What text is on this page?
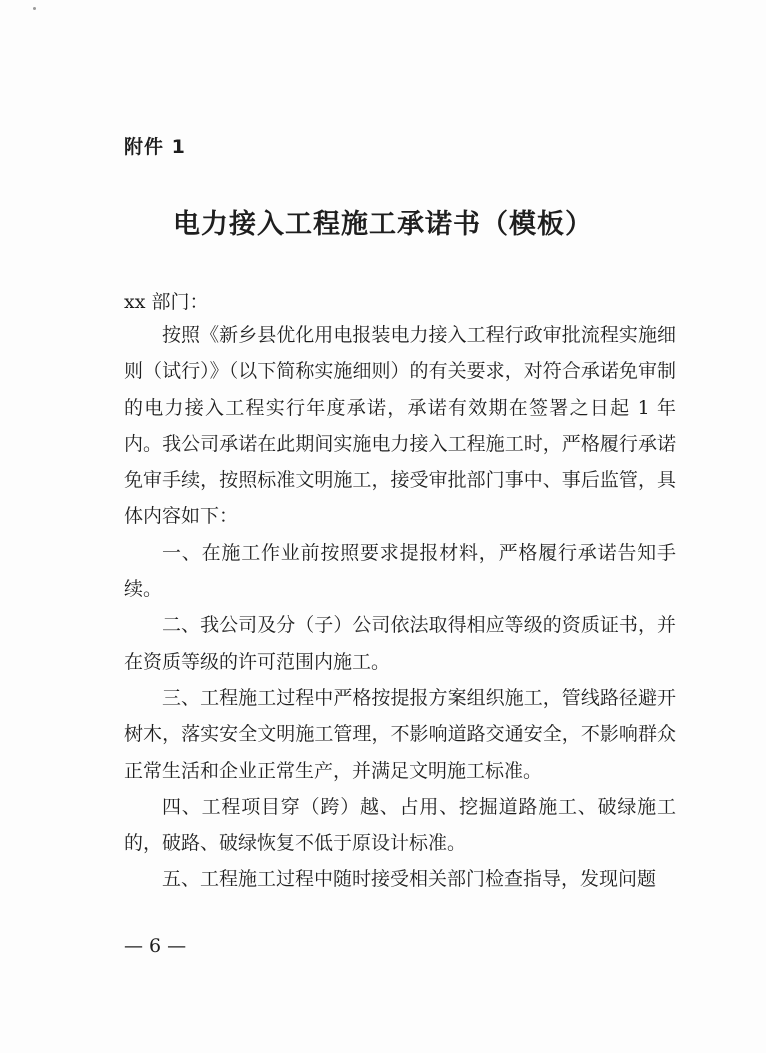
附件 1

电力接入工程施工承诺书（模板）

xx 部门：

按照《新乡县优化用电报装电力接入工程行政审批流程实施细则（试行）》（以下简称实施细则）的有关要求，对符合承诺免审制的电力接入工程实行年度承诺，承诺有效期在签署之日起 1 年内。我公司承诺在此期间实施电力接入工程施工时，严格履行承诺免审手续，按照标准文明施工，接受审批部门事中、事后监管，具体内容如下：

一、在施工作业前按照要求提报材料，严格履行承诺告知手续。

二、我公司及分（子）公司依法取得相应等级的资质证书，并在资质等级的许可范围内施工。

三、工程施工过程中严格按提报方案组织施工，管线路径避开树木，落实安全文明施工管理，不影响道路交通安全，不影响群众正常生活和企业正常生产，并满足文明施工标准。

四、工程项目穿（跨）越、占用、挖掘道路施工、破绿施工的，破路、破绿恢复不低于原设计标准。

五、工程施工过程中随时接受相关部门检查指导，发现问题

— 6 —
